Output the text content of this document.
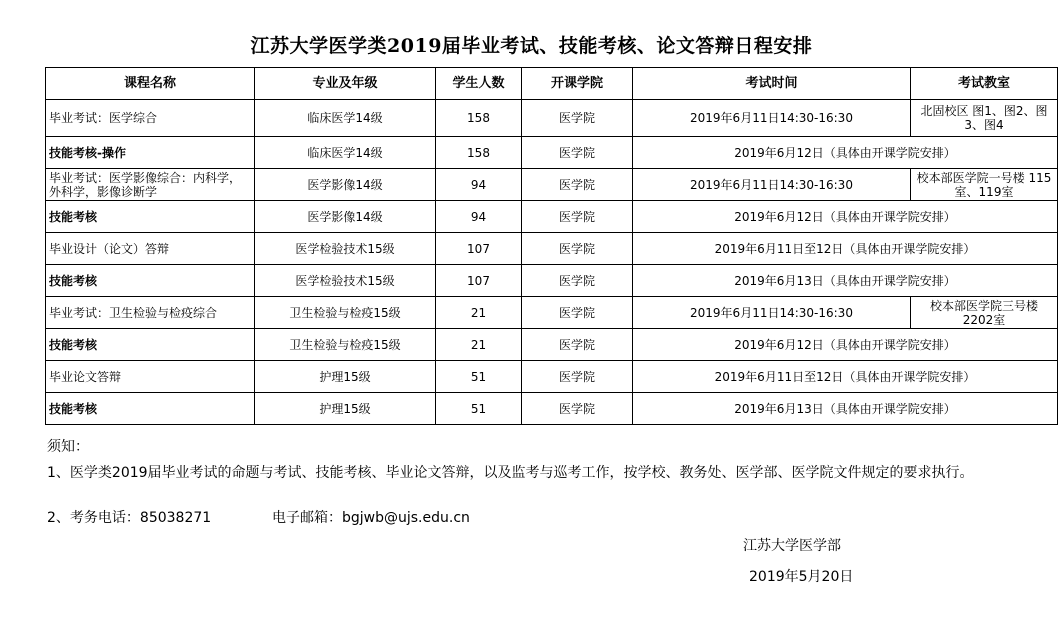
江苏大学医学类2019届毕业考试、技能考核、论文答辩日程安排
课程名称	专业及年级	学生人数	开课学院	考试时间	考试教室
毕业考试：医学综合	临床医学14级	158	医学院	2019年6月11日14:30-16:30	北固校区 图1、图2、图3、图4
技能考核-操作	临床医学14级	158	医学院	2019年6月12日（具体由开课学院安排）	
毕业考试：医学影像综合：内科学，外科学，影像诊断学	医学影像14级	94	医学院	2019年6月11日14:30-16:30	校本部医学院一号楼 115室、119室
技能考核	医学影像14级	94	医学院	2019年6月12日（具体由开课学院安排）	
毕业设计（论文）答辩	医学检验技术15级	107	医学院	2019年6月11日至12日（具体由开课学院安排）	
技能考核	医学检验技术15级	107	医学院	2019年6月13日（具体由开课学院安排）	
毕业考试：卫生检验与检疫综合	卫生检验与检疫15级	21	医学院	2019年6月11日14:30-16:30	校本部医学院三号楼 2202室
技能考核	卫生检验与检疫15级	21	医学院	2019年6月12日（具体由开课学院安排）	
毕业论文答辩	护理15级	51	医学院	2019年6月11日至12日（具体由开课学院安排）	
技能考核	护理15级	51	医学院	2019年6月13日（具体由开课学院安排）	
须知：
1、医学类2019届毕业考试的命题与考试、技能考核、毕业论文答辩，以及监考与巡考工作，按学校、教务处、医学部、医学院文件规定的要求执行。
2、考务电话：85038271	电子邮箱：bgjwb@ujs.edu.cn
江苏大学医学部
2019年5月20日
